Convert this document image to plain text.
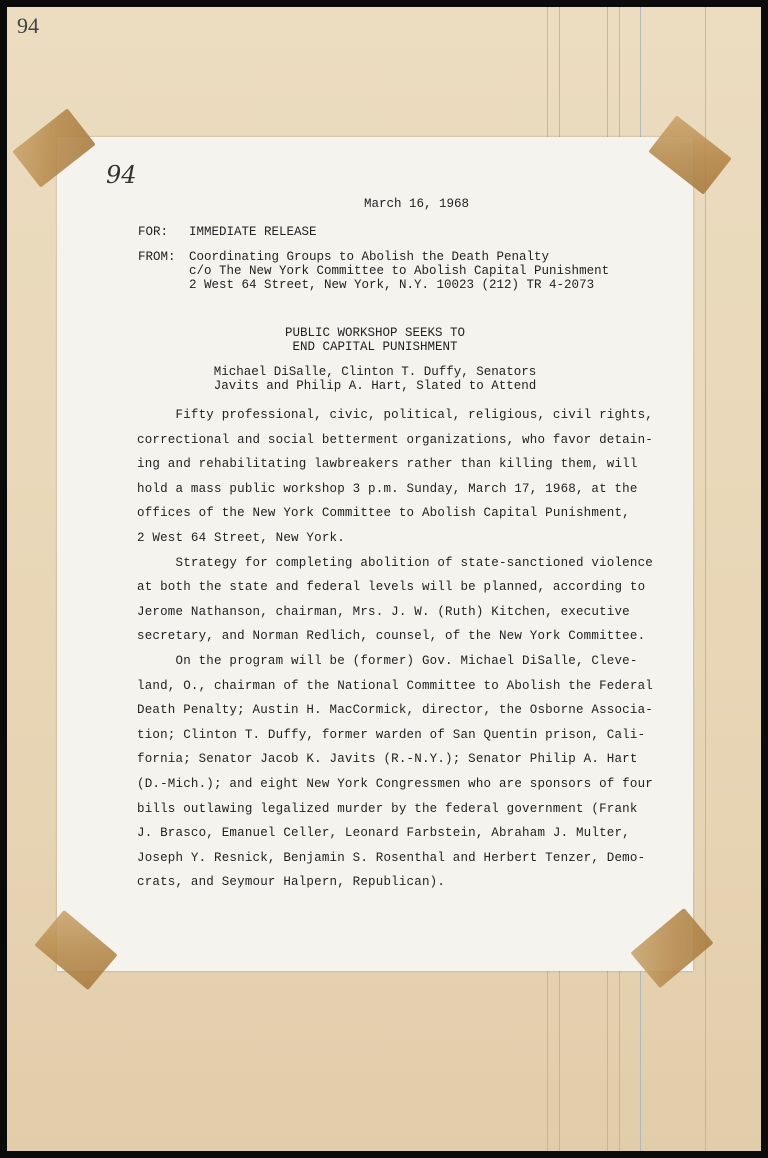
94
94
March 16, 1968
FOR: IMMEDIATE RELEASE
FROM: Coordinating Groups to Abolish the Death Penalty
c/o The New York Committee to Abolish Capital Punishment
2 West 64 Street, New York, N.Y. 10023 (212) TR 4-2073
PUBLIC WORKSHOP SEEKS TO
END CAPITAL PUNISHMENT
Michael DiSalle, Clinton T. Duffy, Senators
Javits and Philip A. Hart, Slated to Attend

Fifty professional, civic, political, religious, civil rights,
correctional and social betterment organizations, who favor detain-
ing and rehabilitating lawbreakers rather than killing them, will
hold a mass public workshop 3 p.m. Sunday, March 17, 1968, at the
offices of the New York Committee to Abolish Capital Punishment,
2 West 64 Street, New York.

Strategy for completing abolition of state-sanctioned violence
at both the state and federal levels will be planned, according to
Jerome Nathanson, chairman, Mrs. J. W. (Ruth) Kitchen, executive
secretary, and Norman Redlich, counsel, of the New York Committee.

On the program will be (former) Gov. Michael DiSalle, Cleve-
land, O., chairman of the National Committee to Abolish the Federal
Death Penalty; Austin H. MacCormick, director, the Osborne Associa-
tion; Clinton T. Duffy, former warden of San Quentin prison, Cali-
fornia; Senator Jacob K. Javits (R.-N.Y.); Senator Philip A. Hart
(D.-Mich.); and eight New York Congressmen who are sponsors of four
bills outlawing legalized murder by the federal government (Frank
J. Brasco, Emanuel Celler, Leonard Farbstein, Abraham J. Multer,
Joseph Y. Resnick, Benjamin S. Rosenthal and Herbert Tenzer, Demo-
crats, and Seymour Halpern, Republican).
